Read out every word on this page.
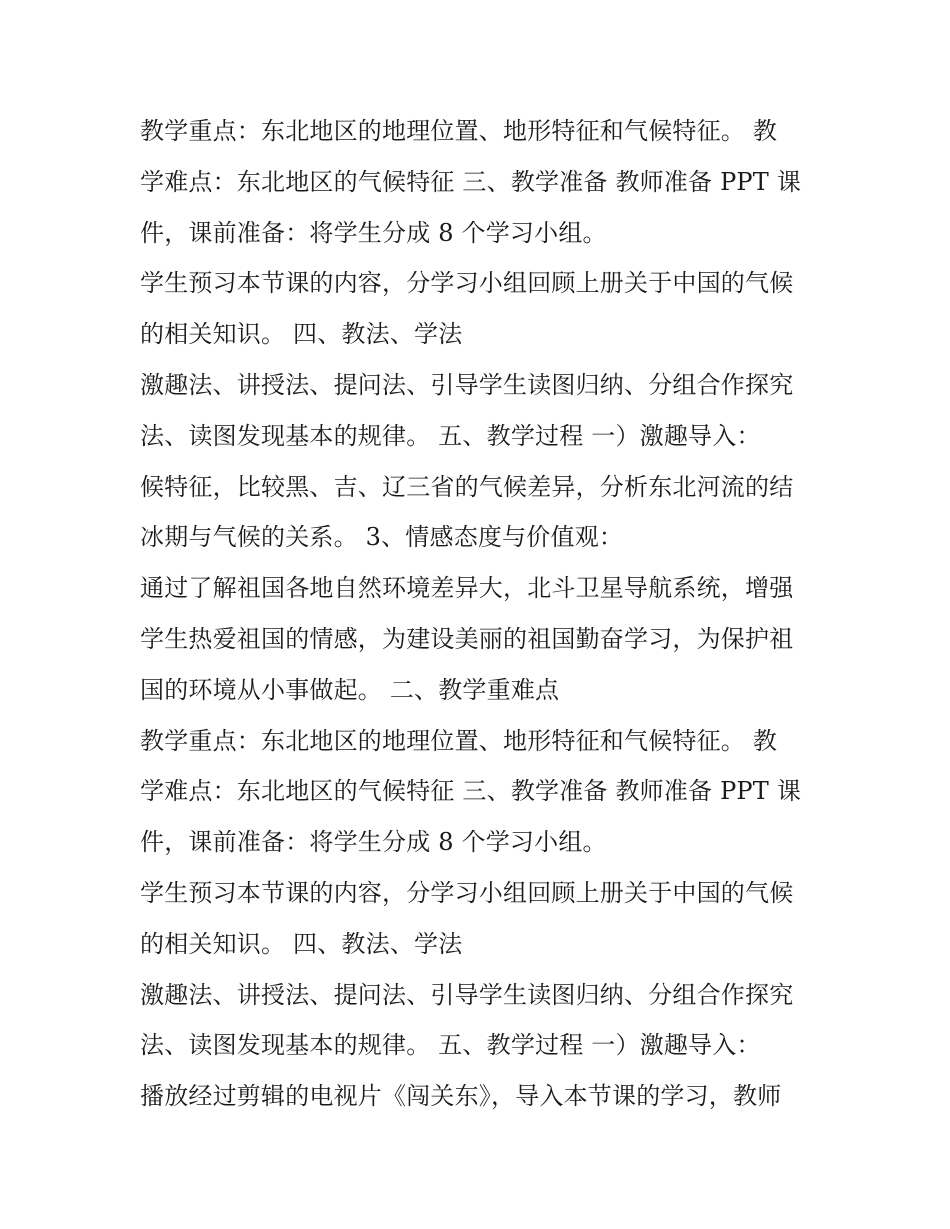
教学重点：东北地区的地理位置、地形特征和气候特征。 教
学难点：东北地区的气候特征 三、教学准备 教师准备 PPT 课
件，课前准备：将学生分成 8 个学习小组。
学生预习本节课的内容，分学习小组回顾上册关于中国的气候
的相关知识。 四、教法、学法
激趣法、讲授法、提问法、引导学生读图归纳、分组合作探究
法、读图发现基本的规律。 五、教学过程 一）激趣导入：
候特征，比较黑、吉、辽三省的气候差异，分析东北河流的结
冰期与气候的关系。 3、情感态度与价值观：
通过了解祖国各地自然环境差异大，北斗卫星导航系统，增强
学生热爱祖国的情感，为建设美丽的祖国勤奋学习，为保护祖
国的环境从小事做起。 二、教学重难点
教学重点：东北地区的地理位置、地形特征和气候特征。 教
学难点：东北地区的气候特征 三、教学准备 教师准备 PPT 课
件，课前准备：将学生分成 8 个学习小组。
学生预习本节课的内容，分学习小组回顾上册关于中国的气候
的相关知识。 四、教法、学法
激趣法、讲授法、提问法、引导学生读图归纳、分组合作探究
法、读图发现基本的规律。 五、教学过程 一）激趣导入：
播放经过剪辑的电视片《闯关东》，导入本节课的学习，教师
